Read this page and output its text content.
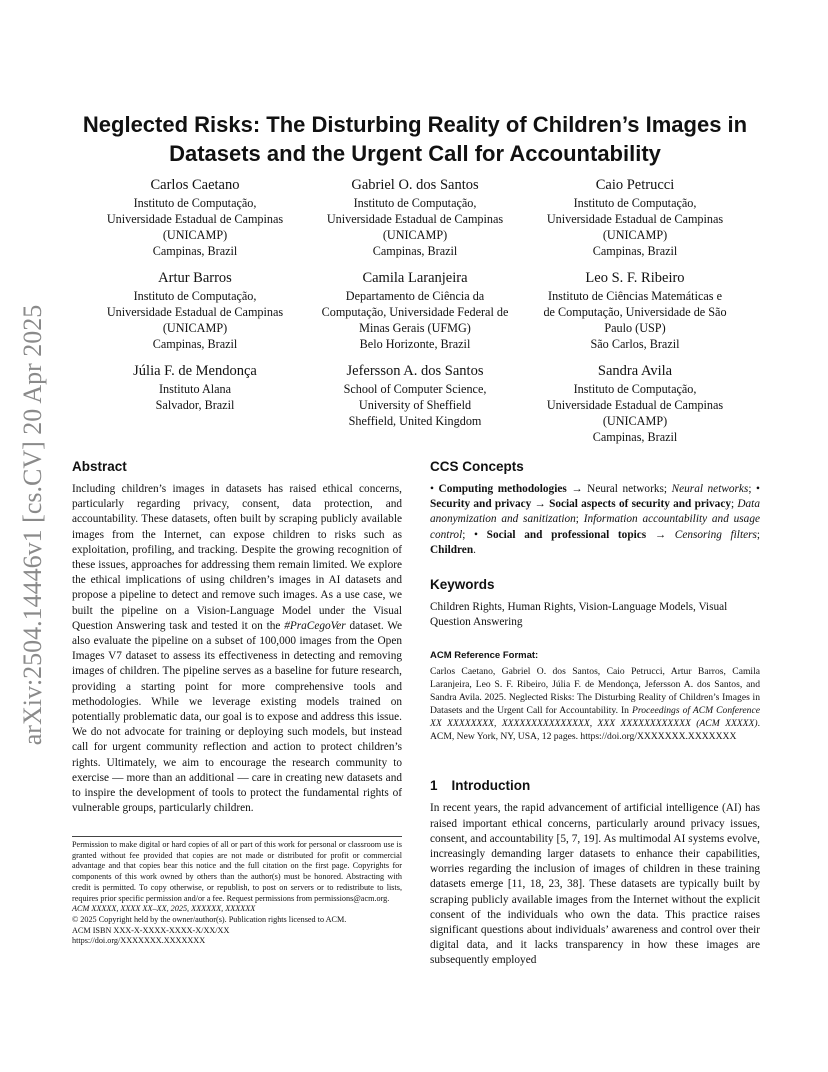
arXiv:2504.14446v1 [cs.CV] 20 Apr 2025
Neglected Risks: The Disturbing Reality of Children’s Images in Datasets and the Urgent Call for Accountability
Carlos Caetano
Instituto de Computação,
Universidade Estadual de Campinas
(UNICAMP)
Campinas, Brazil
Gabriel O. dos Santos
Instituto de Computação,
Universidade Estadual de Campinas
(UNICAMP)
Campinas, Brazil
Caio Petrucci
Instituto de Computação,
Universidade Estadual de Campinas
(UNICAMP)
Campinas, Brazil
Artur Barros
Instituto de Computação,
Universidade Estadual de Campinas
(UNICAMP)
Campinas, Brazil
Camila Laranjeira
Departamento de Ciência da
Computação, Universidade Federal de
Minas Gerais (UFMG)
Belo Horizonte, Brazil
Leo S. F. Ribeiro
Instituto de Ciências Matemáticas e
de Computação, Universidade de São
Paulo (USP)
São Carlos, Brazil
Júlia F. de Mendonça
Instituto Alana
Salvador, Brazil
Jefersson A. dos Santos
School of Computer Science,
University of Sheffield
Sheffield, United Kingdom
Sandra Avila
Instituto de Computação,
Universidade Estadual de Campinas
(UNICAMP)
Campinas, Brazil
Abstract

Including children’s images in datasets has raised ethical concerns, particularly regarding privacy, consent, data protection, and accountability. These datasets, often built by scraping publicly available images from the Internet, can expose children to risks such as exploitation, profiling, and tracking. Despite the growing recognition of these issues, approaches for addressing them remain limited. We explore the ethical implications of using children’s images in AI datasets and propose a pipeline to detect and remove such images. As a use case, we built the pipeline on a Vision-Language Model under the Visual Question Answering task and tested it on the #PraCegoVer dataset. We also evaluate the pipeline on a subset of 100,000 images from the Open Images V7 dataset to assess its effectiveness in detecting and removing images of children. The pipeline serves as a baseline for future research, providing a starting point for more comprehensive tools and methodologies. While we leverage existing models trained on potentially problematic data, our goal is to expose and address this issue. We do not advocate for training or deploying such models, but instead call for urgent community reflection and action to protect children’s rights. Ultimately, we aim to encourage the research community to exercise — more than an additional — care in creating new datasets and to inspire the development of tools to protect the fundamental rights of vulnerable groups, particularly children.

CCS Concepts

• Computing methodologies → Neural networks; Neural networks; • Security and privacy → Social aspects of security and privacy; Data anonymization and sanitization; Information accountability and usage control; • Social and professional topics → Censoring filters; Children.

Keywords

Children Rights, Human Rights, Vision-Language Models, Visual Question Answering

ACM Reference Format:

Carlos Caetano, Gabriel O. dos Santos, Caio Petrucci, Artur Barros, Camila Laranjeira, Leo S. F. Ribeiro, Júlia F. de Mendonça, Jefersson A. dos Santos, and Sandra Avila. 2025. Neglected Risks: The Disturbing Reality of Children’s Images in Datasets and the Urgent Call for Accountability. In Proceedings of ACM Conference XX XXXXXXXX, XXXXXXXXXXXXXXX, XXX XXXXXXXXXXXX (ACM XXXXX). ACM, New York, NY, USA, 12 pages. https://doi.org/XXXXXXX.XXXXXXX

1 Introduction

In recent years, the rapid advancement of artificial intelligence (AI) has raised important ethical concerns, particularly around privacy issues, consent, and accountability [5, 7, 19]. As multimodal AI systems evolve, increasingly demanding larger datasets to enhance their capabilities, worries regarding the inclusion of images of children in these training datasets emerge [11, 18, 23, 38]. These datasets are typically built by scraping publicly available images from the Internet without the explicit consent of the individuals who own the data. This practice raises significant questions about individuals’ awareness and control over their digital data, and it lacks transparency in how these images are subsequently employed

Permission to make digital or hard copies of all or part of this work for personal or classroom use is granted without fee provided that copies are not made or distributed for profit or commercial advantage and that copies bear this notice and the full citation on the first page. Copyrights for components of this work owned by others than the author(s) must be honored. Abstracting with credit is permitted. To copy otherwise, or republish, to post on servers or to redistribute to lists, requires prior specific permission and/or a fee. Request permissions from permissions@acm.org.

ACM XXXXX, XXXX XX–XX, 2025, XXXXXX, XXXXXX

© 2025 Copyright held by the owner/author(s). Publication rights licensed to ACM.

ACM ISBN XXX-X-XXXX-XXXX-X/XX/XX

https://doi.org/XXXXXXX.XXXXXXX
